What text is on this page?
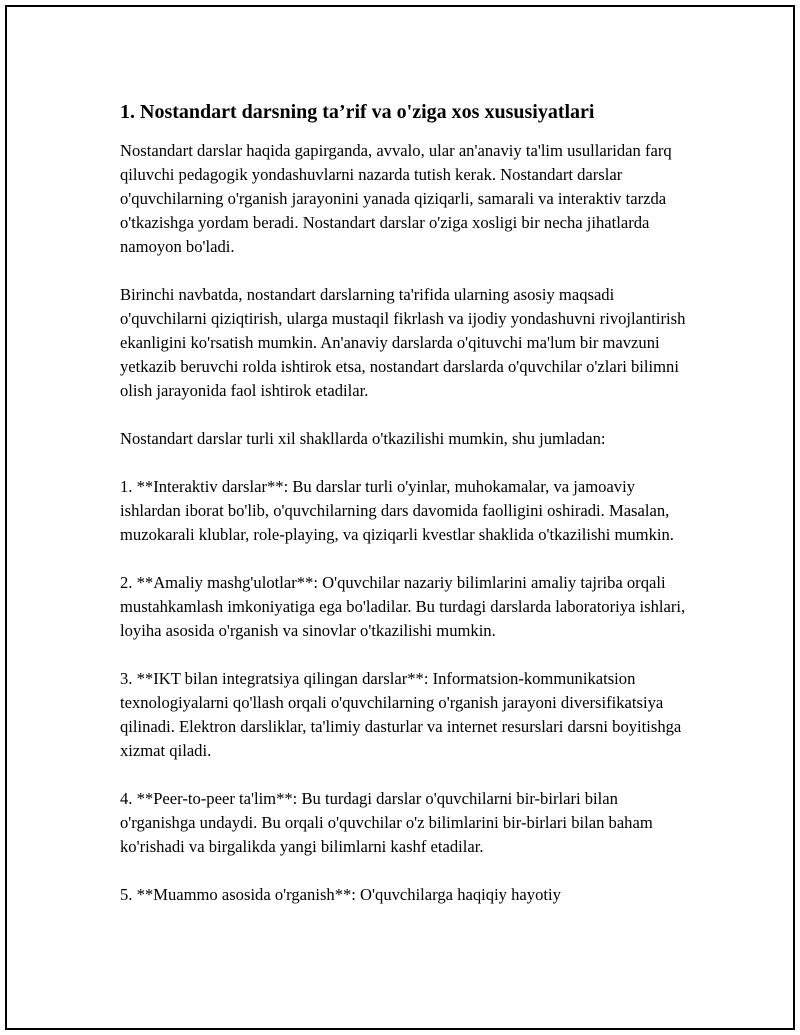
1. Nostandart darsning ta’rif va o'ziga xos xususiyatlari

Nostandart darslar haqida gapirganda, avvalo, ular an'anaviy ta'lim usullaridan farq qiluvchi pedagogik yondashuvlarni nazarda tutish kerak. Nostandart darslar o'quvchilarning o'rganish jarayonini yanada qiziqarli, samarali va interaktiv tarzda o'tkazishga yordam beradi. Nostandart darslar o'ziga xosligi bir necha jihatlarda namoyon bo'ladi.

Birinchi navbatda, nostandart darslarning ta'rifida ularning asosiy maqsadi o'quvchilarni qiziqtirish, ularga mustaqil fikrlash va ijodiy yondashuvni rivojlantirish ekanligini ko'rsatish mumkin. An'anaviy darslarda o'qituvchi ma'lum bir mavzuni yetkazib beruvchi rolda ishtirok etsa, nostandart darslarda o'quvchilar o'zlari bilimni olish jarayonida faol ishtirok etadilar.

Nostandart darslar turli xil shakllarda o'tkazilishi mumkin, shu jumladan:

1. **Interaktiv darslar**: Bu darslar turli o'yinlar, muhokamalar, va jamoaviy ishlardan iborat bo'lib, o'quvchilarning dars davomida faolligini oshiradi. Masalan, muzokarali klublar, role-playing, va qiziqarli kvestlar shaklida o'tkazilishi mumkin.

2. **Amaliy mashg'ulotlar**: O'quvchilar nazariy bilimlarini amaliy tajriba orqali mustahkamlash imkoniyatiga ega bo'ladilar. Bu turdagi darslarda laboratoriya ishlari, loyiha asosida o'rganish va sinovlar o'tkazilishi mumkin.

3. **IKT bilan integratsiya qilingan darslar**: Informatsion-kommunikatsion texnologiyalarni qo'llash orqali o'quvchilarning o'rganish jarayoni diversifikatsiya qilinadi. Elektron darsliklar, ta'limiy dasturlar va internet resurslari darsni boyitishga xizmat qiladi.

4. **Peer-to-peer ta'lim**: Bu turdagi darslar o'quvchilarni bir-birlari bilan o'rganishga undaydi. Bu orqali o'quvchilar o'z bilimlarini bir-birlari bilan baham ko'rishadi va birgalikda yangi bilimlarni kashf etadilar.

5. **Muammo asosida o'rganish**: O'quvchilarga haqiqiy hayotiy
